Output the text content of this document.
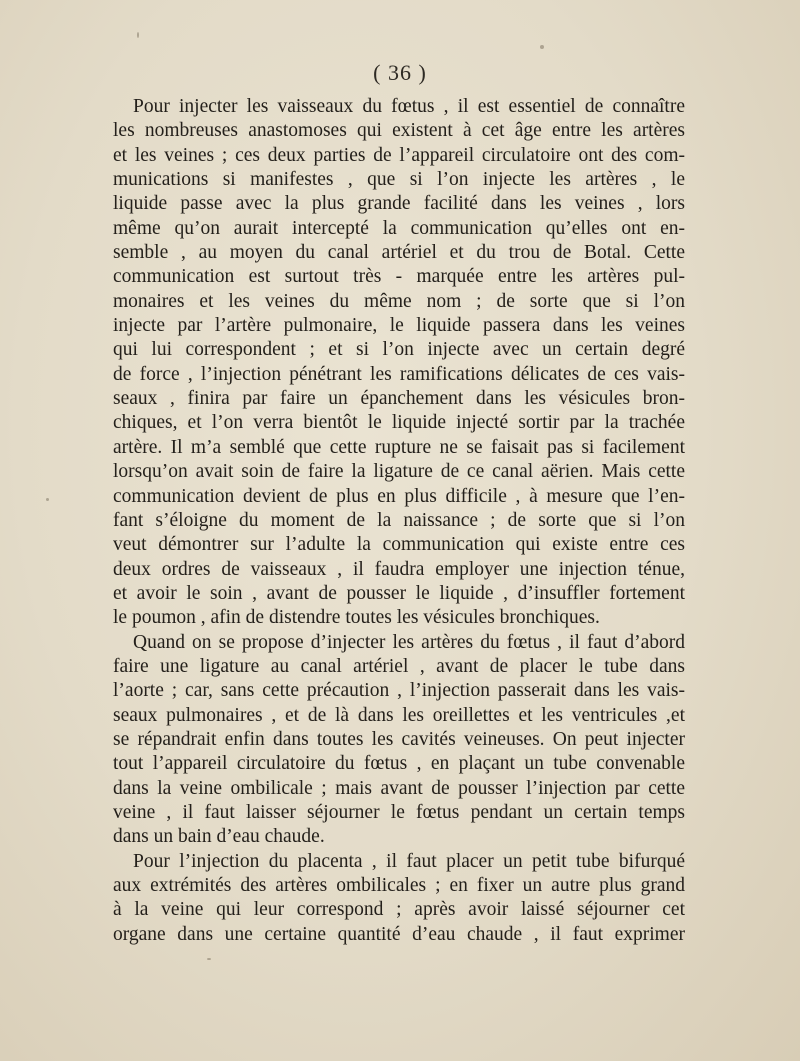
( 36 )
Pour injecter les vaisseaux du fœtus , il est essentiel de connaître
les nombreuses anastomoses qui existent à cet âge entre les artères
et les veines ; ces deux parties de l’appareil circulatoire ont des com-
munications si manifestes , que si l’on injecte les artères , le
liquide passe avec la plus grande facilité dans les veines , lors
même qu’on aurait intercepté la communication qu’elles ont en-
semble , au moyen du canal artériel et du trou de Botal. Cette
communication est surtout très - marquée entre les artères pul-
monaires et les veines du même nom ; de sorte que si l’on
injecte par l’artère pulmonaire, le liquide passera dans les veines
qui lui correspondent ; et si l’on injecte avec un certain degré
de force , l’injection pénétrant les ramifications délicates de ces vais-
seaux , finira par faire un épanchement dans les vésicules bron-
chiques, et l’on verra bientôt le liquide injecté sortir par la trachée
artère. Il m’a semblé que cette rupture ne se faisait pas si facilement
lorsqu’on avait soin de faire la ligature de ce canal aërien. Mais cette
communication devient de plus en plus difficile , à mesure que l’en-
fant s’éloigne du moment de la naissance ; de sorte que si l’on
veut démontrer sur l’adulte la communication qui existe entre ces
deux ordres de vaisseaux , il faudra employer une injection ténue,
et avoir le soin , avant de pousser le liquide , d’insuffler fortement
le poumon , afin de distendre toutes les vésicules bronchiques.
Quand on se propose d’injecter les artères du fœtus , il faut d’abord
faire une ligature au canal artériel , avant de placer le tube dans
l’aorte ; car, sans cette précaution , l’injection passerait dans les vais-
seaux pulmonaires , et de là dans les oreillettes et les ventricules ,et
se répandrait enfin dans toutes les cavités veineuses. On peut injecter
tout l’appareil circulatoire du fœtus , en plaçant un tube convenable
dans la veine ombilicale ; mais avant de pousser l’injection par cette
veine , il faut laisser séjourner le fœtus pendant un certain temps
dans un bain d’eau chaude.
Pour l’injection du placenta , il faut placer un petit tube bifurqué
aux extrémités des artères ombilicales ; en fixer un autre plus grand
à la veine qui leur correspond ; après avoir laissé séjourner cet
organe dans une certaine quantité d’eau chaude , il faut exprimer
